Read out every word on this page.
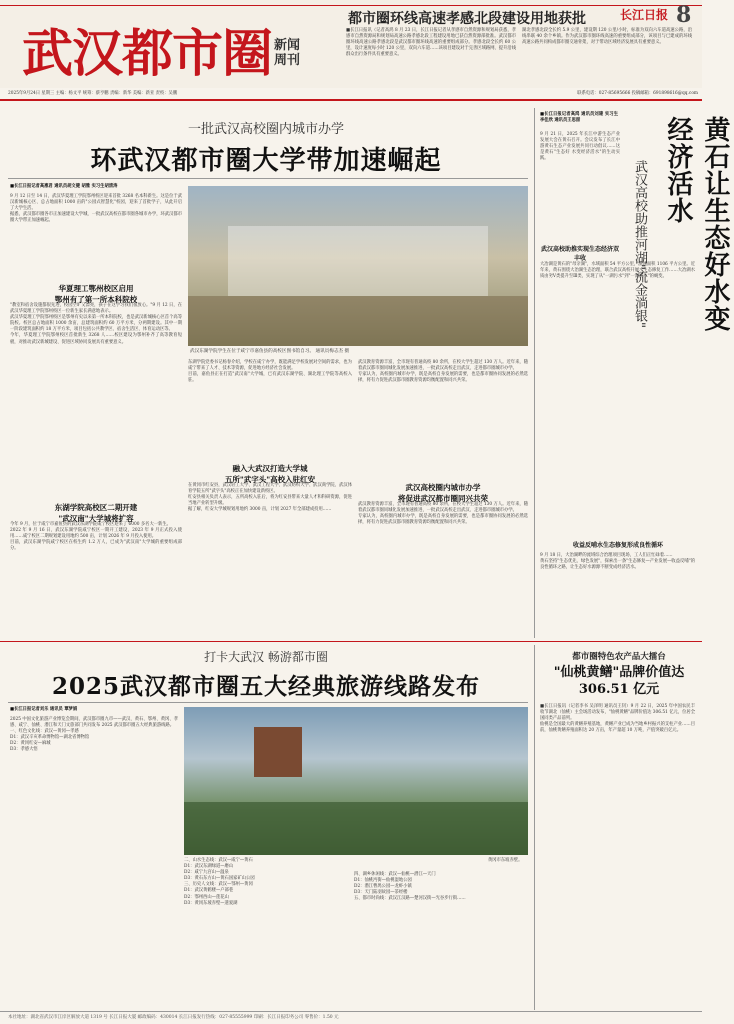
武汉都市圈 新闻
周刊
都市圈环线高速孝感北段建设用地获批	长江日报 8
■长江日报讯（记者高鸿 8 月 23 日，长江日报记者从孝感市自然资源和规划局获悉，孝感市自然资源局和规划局高速公路孝感北段工程建设用地已获自然资源部批准。武汉都市圈环线高速公路孝感北段是武汉都市圈环线高速的重要组成部分。孝感北段全长约 60 公里，设计速度每小时 120 公里，双向六车道……该项目建设对于完善区域路网、提升沿线群众出行条件具有重要意义。
湖北孝感北段全长约 5.9 公里，建设期 120 公里/小时，标准为双向六车道高速公路，沿线串联 40 余个乡镇。作为武汉都市圈环线高速的重要组成部分，该项目与已建成的环线高速公路共同构成都市圈交通骨架，对于带动区域经济发展具有重要意义。
2025年9月24日 星期三 主编：杨文平 统筹：蔡亨鹏 责编：新华 美编：新亚 责校：吴鹏	联系电话：027-85695666 投稿邮箱：691898616@qq.com
一批武汉高校圈内城市办学
环武汉都市圈大学带加速崛起
■长江日报记者高惠君 通讯员胡文健 胡雅 实习生胡清涛
9 月 12 日至 14 日，武汉华夏理工学院鄂州校区迎来首批 3268 名本科新生。这是位于武汉新城核心区、总占地面积 1000 亩的"公园式智慧化"校园，迎来了首批学子，从此开启了大学生活。
据悉，武汉都市圈各市正加速建设大学城，一批武汉高校在都市圈各城市办学，环武汉都市圈大学带正加速崛起。
华夏理工鄂州校区启用
鄂州有了第一所本科院校
"教室和宿舍设施都很先进，校园空旷又漂亮，孩子在这学习我们很放心。"9 月 12 日，在武汉华夏理工学院鄂州校区一位新生家长满意地表示。
武汉华夏理工学院鄂州校区是鄂州有史以来第一所本科院校，也是武汉新城核心区首个高等院校。校区总占地面积 1000 余亩，总建筑面积约 60 万平方米，分两期建设。其中一期一阶段建筑面积约 18 万平方米，项目包括公共教学区、宿舍生活区、体育运动区等。
今年，华夏理工学院鄂州校区首批新生 3268 人……校区建设为鄂州补齐了高等教育短板，对推动武汉新城建设、促进区域协同发展具有重要意义。
东湖学院高校区二期开建
"武汉南"大学城将扩容
今年 9 月，位于咸宁市嘉鱼县的武汉东湖学院咸宁校区迎来了 6000 多名大一新生。
2022 年 9 月 16 日，武汉东湖学院咸宁校区一期开工建设，2023 年 9 月正式投入使用……咸宁校区二期规划建设用地约 500 亩，计划 2026 年 9 月投入使用。
目前，武汉东湖学院咸宁校区在校生约 1.2 万人，已成为"武汉南"大学城的重要组成部分。
武汉东湖学院学生在位于咸宁市嘉鱼县的高校区图书馆自习。 通讯员梅志杰 摄
东湖学院党委书记杨春介绍，学校在咸宁办学，既能满足学校发展对空间的需求，也为咸宁带来了人才、技术等资源，促进地方经济社会发展。
目前，嘉鱼县正在打造"武汉南"大学城，已有武汉东湖学院、湖北理工学院等高校入驻。
融入大武汉打造大学城
五所"武字头"高校入驻红安
在黄冈市红安县，武汉轻工大学、武汉工程大学、武汉纺织大学、武汉商学院、武汉体育学院五所"武字头"高校正在加快建设新校区。
红安县相关负责人表示，五所高校入驻后，将为红安县带来大量人才和科研资源，促进当地产业转型升级。
据了解，红安大学城规划用地约 3000 亩，计划 2027 年全部建成投用……
武汉教育资源丰富，全市现有普通高校 80 余所，在校大学生超过 130 万人。近年来，随着武汉都市圈同城化发展加速推进，一批武汉高校走出武汉、走进都市圈城市办学。
专家认为，高校圈内城市办学，既是高校自身发展的需要，也是都市圈协同发展的必然选择，将有力促进武汉都市圈教育资源均衡配置和同兴共荣。
武汉高校圈内城市办学
将促进武汉都市圈同兴共荣
武汉教育资源丰富，全市现有普通高校 80 余所，在校大学生超过 130 万人。近年来，随着武汉都市圈同城化发展加速推进，一批武汉高校走出武汉、走进都市圈城市办学。
专家认为，高校圈内城市办学，既是高校自身发展的需要，也是都市圈协同发展的必然选择，将有力促进武汉都市圈教育资源均衡配置和同兴共荣。
■长江日报记者高鸿 通讯员刘建 实习生李佳欣 通讯员王思甜
9 月 21 日，2025 年长江中游生态产业发展大会在黄石召开。会议发布了长江中游黄石生态产业发展共同行动倡议……这是黄石"生态好 水变经济活水"的生动实践。	黄石让生态好水变经济活水
武汉高校助推河湖"流金淌银"
武汉高校助推实现生态经济双丰收
大冶湖是黄石的"母亲湖"，水域面积 54 平方公里，流域面积 1106 平方公里。近年来，黄石围绕大冶湖生态治理，联合武汉高校开展水生态修复工作……大冶湖水质由劣Ⅴ类提升至Ⅲ类，实现了从"一湖污水"到"一湖清水"的蜕变。
收益反哺水生态修复形成良性循环
9 月 18 日，大冶湖畔的流域综合治理项目现场，工人们正忙碌着……
黄石坚持"生态优先、绿色发展"，探索出一条"生态修复—产业发展—收益反哺"的良性循环之路，让生态好水源源不断变成经济活水。
打卡大武汉 畅游都市圈
2025武汉都市圈五大经典旅游线路发布
■长江日报记者刘乐 通讯员 覃梦娟
2025 中国文化旅游产业博览会期间，武汉都市圈九市——武汉、黄石、鄂州、黄冈、孝感、咸宁、仙桃、潜江和天门文旅部门共同发布 2025 武汉都市圈五大经典旅游线路。
一、红色文化线：武汉—黄冈—孝感
D1：武汉辛亥革命博物馆—湖北省博物馆
D2：黄冈红安—麻城
D3：孝感大悟
黄冈市东坡赤壁。
二、山水生态线：武汉—咸宁—黄石
D1：武汉东湖绿道—磨山
D2：咸宁九宫山—温泉
D3：黄石东方山—黄石国家矿山公园
三、历史人文线：武汉—鄂州—黄冈
D1：武汉黄鹤楼—户部巷
D2：鄂州西山—莲花山
D3：黄冈东坡赤壁—遗爱湖
四、湖乡休闲线：武汉—仙桃—潜江—天门
D1：仙桃沔街—仙桃湿地公园
D2：潜江曹禺公园—龙虾小镇
D3：天门陆羽故园—茶经楼
五、都市时尚线：武汉江汉路—楚河汉街—光谷步行街……
都市圈特色农产品大擂台
"仙桃黄鳝"品牌价值达 306.51 亿元
■长江日报讯（记者李书 吴泽明 通讯员王钊）9 月 22 日，2025 年中国农民丰收节湖北（仙桃）主会场活动发布，"仙桃黄鳝"品牌价值达 306.51 亿元，位居全国同类产品前列。
仙桃是全国最大的黄鳝养殖基地，黄鳝产业已成为当地乡村振兴的支柱产业……目前，仙桃黄鳝养殖面积达 20 万亩，年产量超 10 万吨，产值突破百亿元。
本社地址：湖北省武汉市江岸区解放大道 1319 号 长江日报大厦 邮政编码：430014 长江日报发行热线：027-85555999 印刷：长江日报印务公司 零售价：1.50 元
